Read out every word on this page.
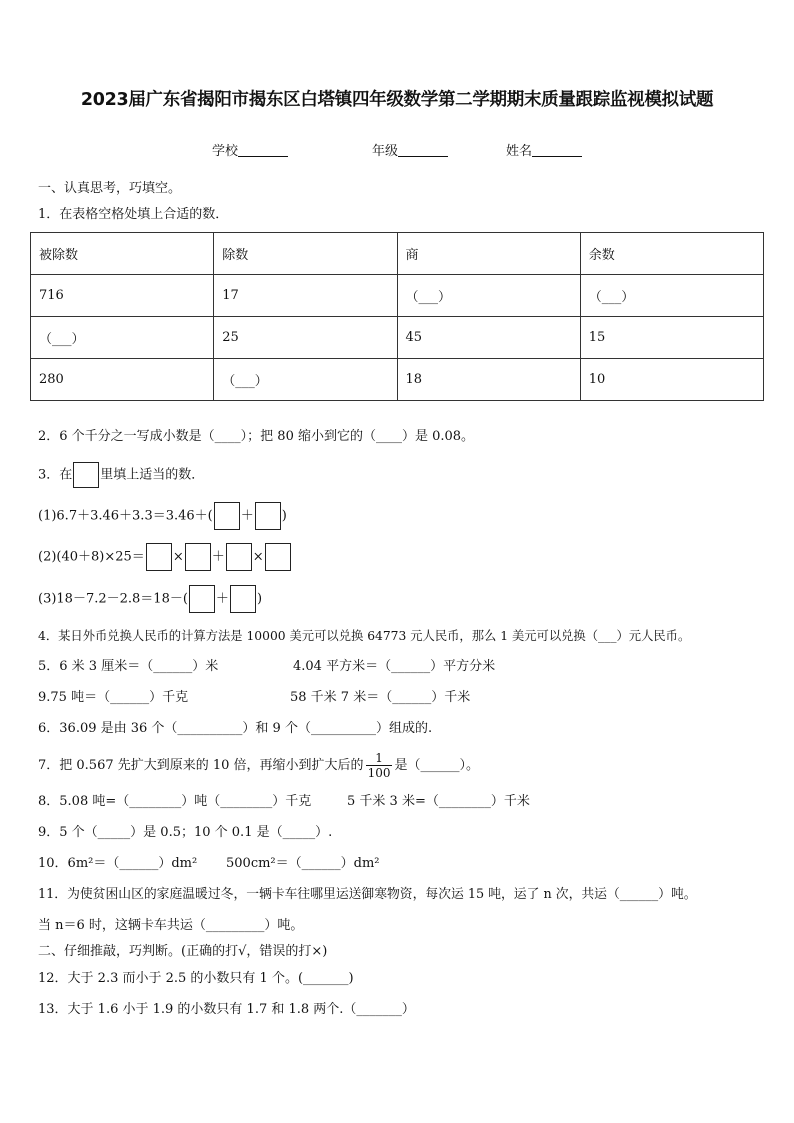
2023届广东省揭阳市揭东区白塔镇四年级数学第二学期期末质量跟踪监视模拟试题
学校	年级	姓名
一、认真思考，巧填空。
1．在表格空格处填上合适的数．
被除数	除数	商	余数
716	17	（___）	（___）
（___）	25	45	15
280	（___）	18	10
2．6 个千分之一写成小数是（____）；把 80 缩小到它的（____）是 0.08。
3．在 里填上适当的数．
(1)6.7＋3.46＋3.3＝3.46＋( ＋ )
(2)(40＋8)×25＝ × ＋ ×
(3)18－7.2－2.8＝18－( ＋ )
4．某日外币兑换人民币的计算方法是 10000 美元可以兑换 64773 元人民币，那么 1 美元可以兑换（___）元人民币。
5．6 米 3 厘米＝（______）米	4.04 平方米＝（______）平方分米
9.75 吨＝（______）千克	58 千米 7 米＝（______）千米
6．36.09 是由 36 个（__________）和 9 个（__________）组成的.
7．把 0.567 先扩大到原来的 10 倍，再缩小到扩大后的 $\frac{1}{100}$ 是（______）。
8．5.08 吨=（________）吨（________）千克	5 千米 3 米=（________）千米
9．5 个（_____）是 0.5；10 个 0.1 是（_____）.
10．6m²＝（______）dm² 500cm²＝（______）dm²
11．为使贫困山区的家庭温暖过冬，一辆卡车往哪里运送御寒物资，每次运 15 吨，运了 n 次，共运（______）吨。
当 n＝6 时，这辆卡车共运（_________）吨。
二、仔细推敲，巧判断。(正确的打√，错误的打×)
12．大于 2.3 而小于 2.5 的小数只有 1 个。(_______)
13．大于 1.6 小于 1.9 的小数只有 1.7 和 1.8 两个.（_______）
